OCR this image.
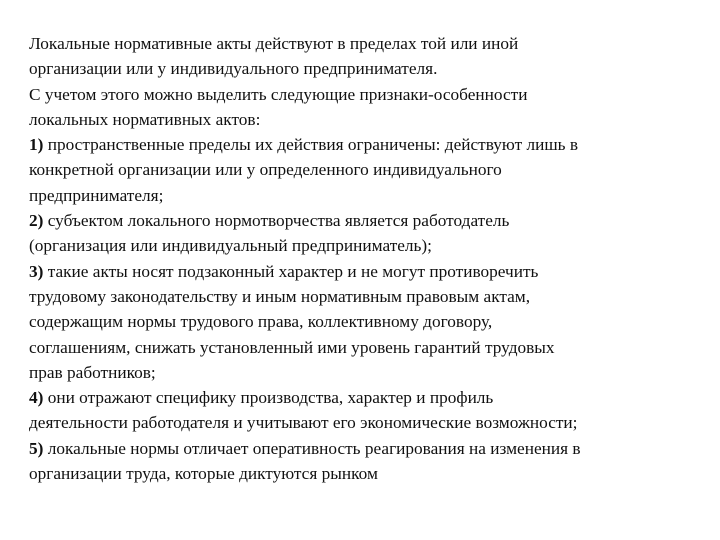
Локальные нормативные акты действуют в пределах той или иной
организации или у индивидуального предпринимателя.
С учетом этого можно выделить следующие признаки-особенности
локальных нормативных актов:
1) пространственные пределы их действия ограничены: действуют лишь в
конкретной организации или у определенного индивидуального
предпринимателя;
2) субъектом локального нормотворчества является работодатель
(организация или индивидуальный предприниматель);
3) такие акты носят подзаконный характер и не могут противоречить
трудовому законодательству и иным нормативным правовым актам,
содержащим нормы трудового права, коллективному договору,
соглашениям, снижать установленный ими уровень гарантий трудовых
прав работников;
4) они отражают специфику производства, характер и профиль
деятельности работодателя и учитывают его экономические возможности;
5) локальные нормы отличает оперативность реагирования на изменения в
организации труда, которые диктуются рынком
